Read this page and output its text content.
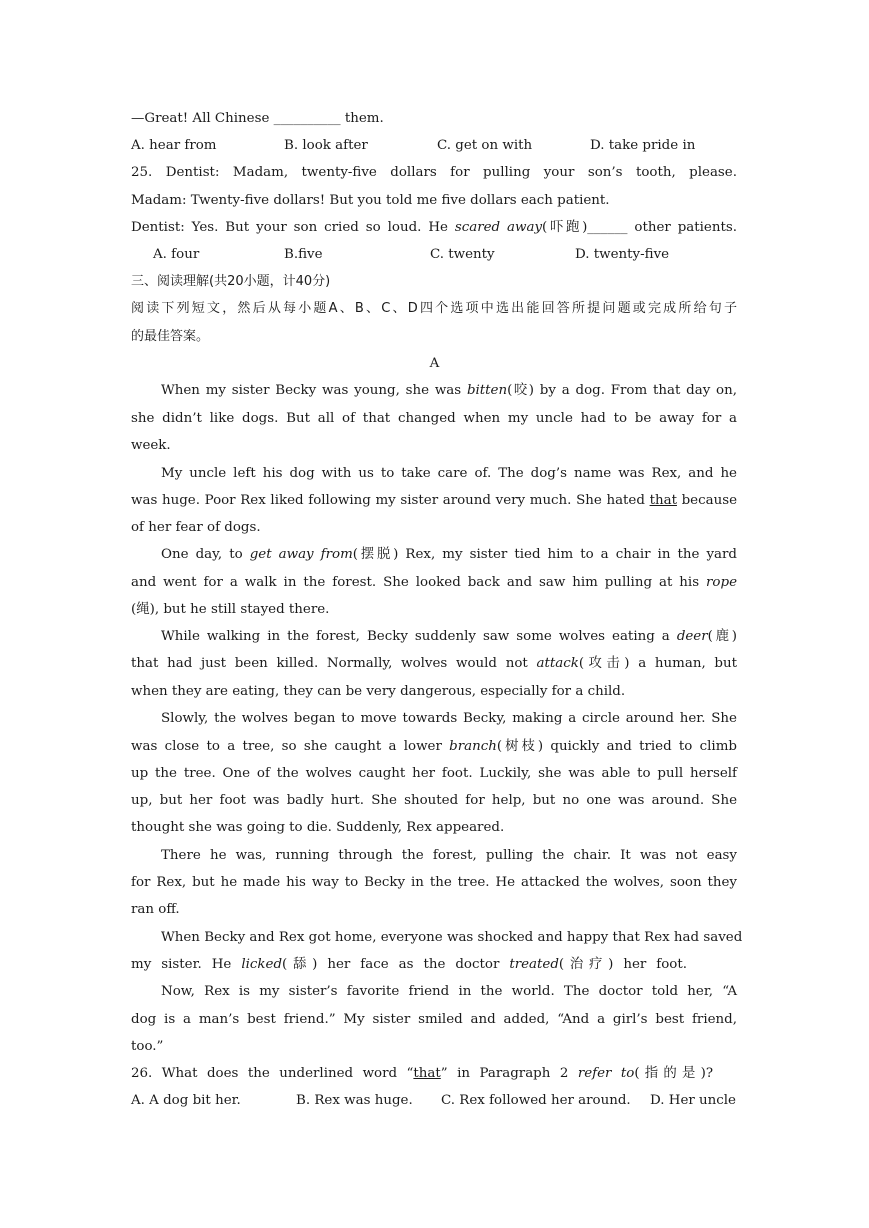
—Great! All Chinese __________ them.
A. hear from	B. look after	C. get on with	D. take pride in
25. Dentist: Madam, twenty-five dollars for pulling your son’s tooth, please.
Madam: Twenty-five dollars! But you told me five dollars each patient.
Dentist: Yes. But your son cried so loud. He scared away(吓跑)______ other patients.
A. four	B.five	C. twenty	D. twenty-five
三、阅读理解(共20小题，计40分)
阅读下列短文，然后从每小题A、B、C、D四个选项中选出能回答所提问题或完成所给句子
的最佳答案。
A
When my sister Becky was young, she was bitten(咬) by a dog. From that day on,
she didn’t like dogs. But all of that changed when my uncle had to be away for a
week.
My uncle left his dog with us to take care of. The dog’s name was Rex, and he
was huge. Poor Rex liked following my sister around very much. She hated that because
of her fear of dogs.
One day, to get away from(摆脱) Rex, my sister tied him to a chair in the yard
and went for a walk in the forest. She looked back and saw him pulling at his rope
(绳), but he still stayed there.
While walking in the forest, Becky suddenly saw some wolves eating a deer(鹿)
that had just been killed. Normally, wolves would not attack(攻击) a human, but
when they are eating, they can be very dangerous, especially for a child.
Slowly, the wolves began to move towards Becky, making a circle around her. She
was close to a tree, so she caught a lower branch(树枝) quickly and tried to climb
up the tree. One of the wolves caught her foot. Luckily, she was able to pull herself
up, but her foot was badly hurt. She shouted for help, but no one was around. She
thought she was going to die. Suddenly, Rex appeared.
There he was, running through the forest, pulling the chair. It was not easy
for Rex, but he made his way to Becky in the tree. He attacked the wolves, soon they
ran off.
When Becky and Rex got home, everyone was shocked and happy that Rex had saved
my sister. He licked(舔) her face as the doctor treated(治疗) her foot.
Now, Rex is my sister’s favorite friend in the world. The doctor told her, “A
dog is a man’s best friend.” My sister smiled and added, “And a girl’s best friend,
too.”
26. What does the underlined word “that” in Paragraph 2 refer to(指的是)?
A. A dog bit her.	B. Rex was huge. C. Rex followed her around. D. Her uncle
